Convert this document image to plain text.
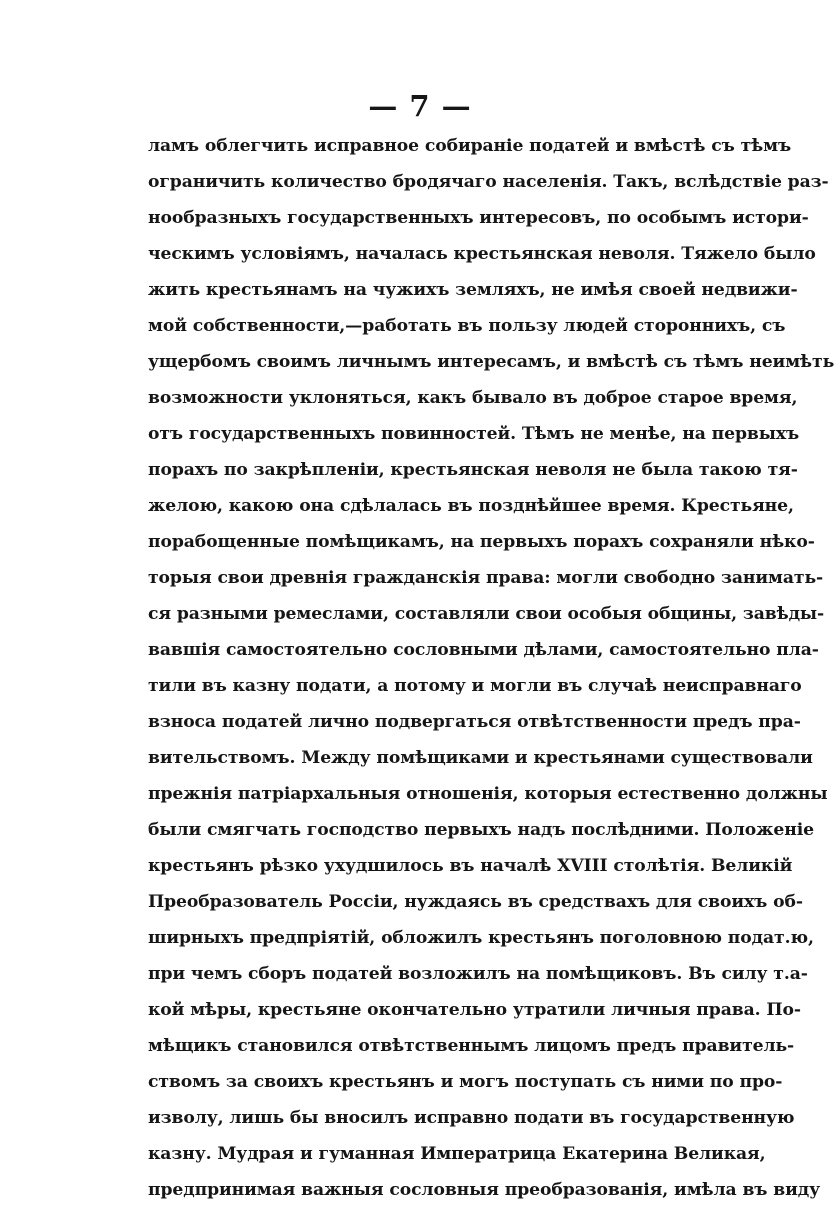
— 7 —
ламъ облегчить исправное собираніе податей и вмѣстѣ съ тѣмъ
ограничить количество бродячаго населенія. Такъ, вслѣдствіе раз-
нообразныхъ государственныхъ интересовъ, по особымъ истори-
ческимъ условіямъ, началась крестьянская неволя. Тяжело было
жить крестьянамъ на чужихъ земляхъ, не имѣя своей недвижи-
мой собственности,—работать въ пользу людей стороннихъ, съ
ущербомъ своимъ личнымъ интересамъ, и вмѣстѣ съ тѣмъ неимѣть
возможности уклоняться, какъ бывало въ доброе старое время,
отъ государственныхъ повинностей. Тѣмъ не менѣе, на первыхъ
порахъ по закрѣпленіи, крестьянская неволя не была такою тя-
желою, какою она сдѣлалась въ позднѣйшее время. Крестьяне,
порабощенные помѣщикамъ, на первыхъ порахъ сохраняли нѣко-
торыя свои древнія гражданскія права: могли свободно занимать-
ся разными ремеслами, составляли свои особыя общины, завѣды-
вавшія самостоятельно сословными дѣлами, самостоятельно пла-
тили въ казну подати, а потому и могли въ случаѣ неисправнаго
взноса податей лично подвергаться отвѣтственности предъ пра-
вительствомъ. Между помѣщиками и крестьянами существовали
прежнія патріархальныя отношенія, которыя естественно должны
были смягчать господство первыхъ надъ послѣдними. Положеніе
крестьянъ рѣзко ухудшилось въ началѣ XVIII столѣтія. Великій
Преобразователь Россіи, нуждаясь въ средствахъ для своихъ об-
ширныхъ предпріятій, обложилъ крестьянъ поголовною подат.ю,
при чемъ сборъ податей возложилъ на помѣщиковъ. Въ силу т.а-
кой мѣры, крестьяне окончательно утратили личныя права. По-
мѣщикъ становился отвѣтственнымъ лицомъ предъ правитель-
ствомъ за своихъ крестьянъ и могъ поступать съ ними по про-
изволу, лишь бы вносилъ исправно подати въ государственную
казну. Мудрая и гуманная Императрица Екатерина Великая,
предпринимая важныя сословныя преобразованія, имѣла въ виду
